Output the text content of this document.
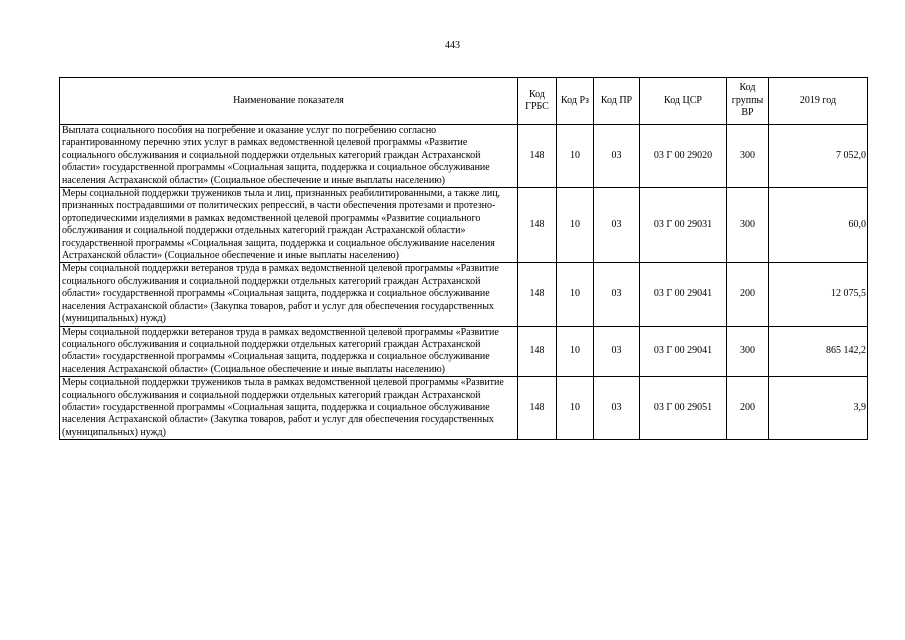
443
Наименование показателя	Код ГРБС	Код Рз	Код ПР	Код ЦСР	Код группы ВР	2019 год
Выплата социального пособия на погребение и оказание услуг по погребению согласно гарантированному перечню этих услуг в рамках ведомственной целевой программы «Развитие социального обслуживания и социальной поддержки отдельных категорий граждан Астраханской области» государственной программы «Социальная защита, поддержка и социальное обслуживание населения Астраханской области» (Социальное обеспечение и иные выплаты населению)	148	10	03	03 Г 00 29020	300	7 052,0
Меры социальной поддержки тружеников тыла и лиц, признанных реабилитированными, а также лиц, признанных пострадавшими от политических репрессий, в части обеспечения протезами и протезно-ортопедическими изделиями в рамках ведомственной целевой программы «Развитие социального обслуживания и социальной поддержки отдельных категорий граждан Астраханской области» государственной программы «Социальная защита, поддержка и социальное обслуживание населения Астраханской области» (Социальное обеспечение и иные выплаты населению)	148	10	03	03 Г 00 29031	300	60,0
Меры социальной поддержки ветеранов труда в рамках ведомственной целевой программы «Развитие социального обслуживания и социальной поддержки отдельных категорий граждан Астраханской области» государственной программы «Социальная защита, поддержка и социальное обслуживание населения Астраханской области» (Закупка товаров, работ и услуг для обеспечения государственных (муниципальных) нужд)	148	10	03	03 Г 00 29041	200	12 075,5
Меры социальной поддержки ветеранов труда в рамках ведомственной целевой программы «Развитие социального обслуживания и социальной поддержки отдельных категорий граждан Астраханской области» государственной программы «Социальная защита, поддержка и социальное обслуживание населения Астраханской области» (Социальное обеспечение и иные выплаты населению)	148	10	03	03 Г 00 29041	300	865 142,2
Меры социальной поддержки тружеников тыла в рамках ведомственной целевой программы «Развитие социального обслуживания и социальной поддержки отдельных категорий граждан Астраханской области» государственной программы «Социальная защита, поддержка и социальное обслуживание населения Астраханской области» (Закупка товаров, работ и услуг для обеспечения государственных (муниципальных) нужд)	148	10	03	03 Г 00 29051	200	3,9
